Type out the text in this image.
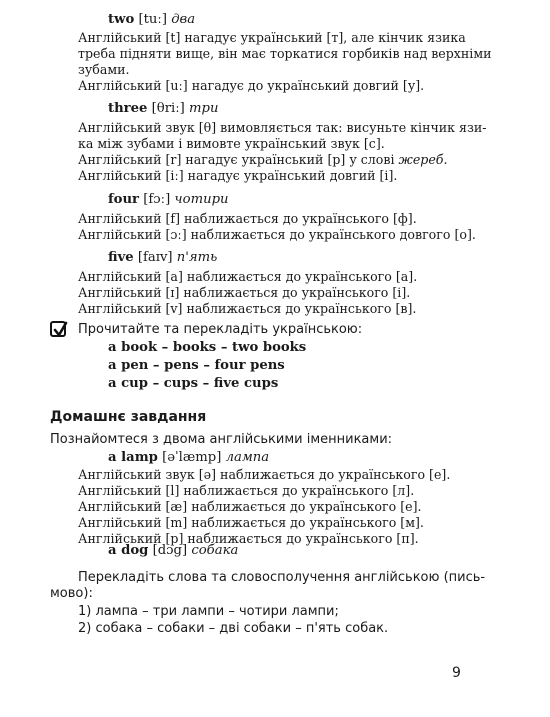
two [tuː] два
Англійський [t] нагадує український [т], але кінчик язика
треба підняти вище, він має торкатися горбиків над верхніми
зубами.
Англійський [uː] нагадує до український довгий [у].
three [θriː] три
Англійський звук [θ] вимовляється так: висуньте кінчик язи-
ка між зубами і вимовте український звук [с].
Англійський [r] нагадує український [р] у слові жереб.
Англійський [iː] нагадує український довгий [і].
four [fɔː] чотири
Англійський [f] наближається до українського [ф].
Англійський [ɔː] наближається до українського довгого [о].
five [faɪv] п'ять
Англійський [a] наближається до українського [а].
Англійський [ɪ] наближається до українського [і].
Англійський [v] наближається до українського [в].
Прочитайте та перекладіть українською:
a book – books – two books
a pen – pens – four pens
a cup – cups – five cups
Домашнє завдання
Познайомтеся з двома англійськими іменниками:
a lamp [əˈlæmp] лампа
Англійський звук [ə] наближається до українського [е].
Англійський [l] наближається до українського [л].
Англійський [æ] наближається до українського [е].
Англійський [m] наближається до українського [м].
Англійський [p] наближається до українського [п].
a dog [dɔg] собака
Перекладіть слова та словосполучення англійською (пись-
мово):
1) лампа – три лампи – чотири лампи;
2) собака – собаки – дві собаки – п'ять собак.
9
